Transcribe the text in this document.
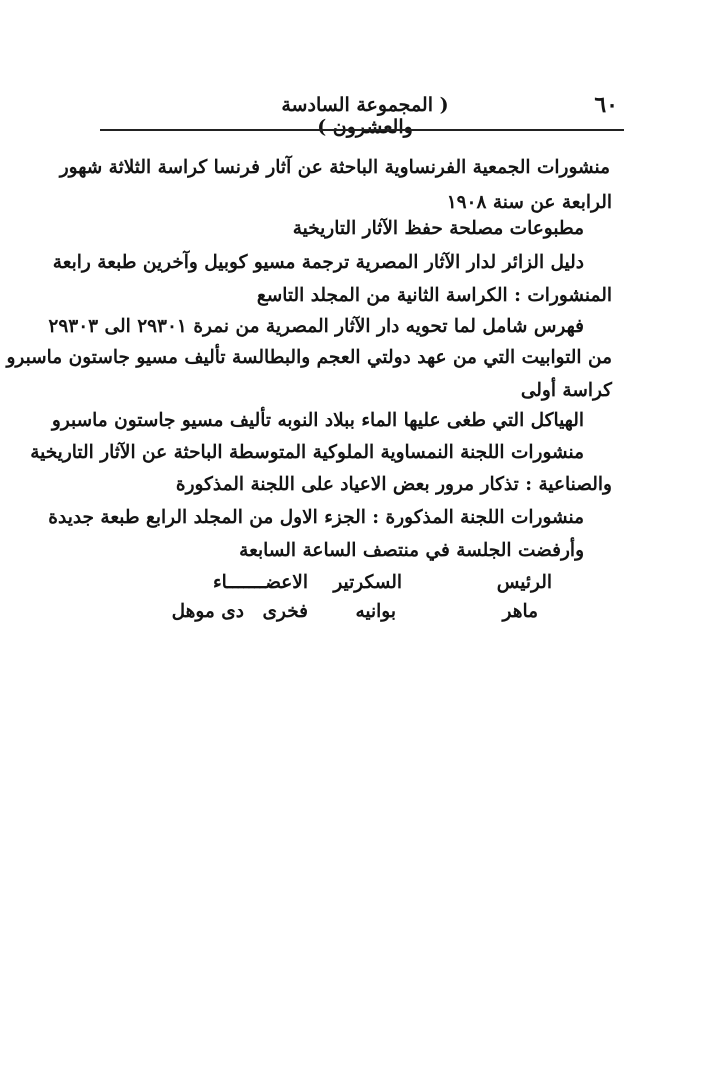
٦٠
( المجموعة السادسة والعشرون )
منشورات الجمعية الفرنساوية الباحثة عن آثار فرنسا كراسة الثلاثة شهور
الرابعة عن سنة ١٩٠٨
مطبوعات مصلحة حفظ الآثار التاريخية
دليل الزائر لدار الآثار المصرية ترجمة مسيو كوبيل وآخرين طبعة رابعة
المنشورات : الكراسة الثانية من المجلد التاسع
فهرس شامل لما تحويه دار الآثار المصرية من نمرة ٢٩٣٠١ الى ٢٩٣٠٣
من التوابيت التي من عهد دولتي العجم والبطالسة تأليف مسيو جاستون ماسبرو
كراسة أولى
الهياكل التي طغى عليها الماء ببلاد النوبه تأليف مسيو جاستون ماسبرو
منشورات اللجنة النمساوية الملوكية المتوسطة الباحثة عن الآثار التاريخية
والصناعية : تذكار مرور بعض الاعياد على اللجنة المذكورة
منشورات اللجنة المذكورة : الجزء الاول من المجلد الرابع طبعة جديدة
وأرفضت الجلسة في منتصف الساعة السابعة
الرئيس
السكرتير
الاعضـــــــاء
ماهر
بوانيه
فخرى
دى موهل
